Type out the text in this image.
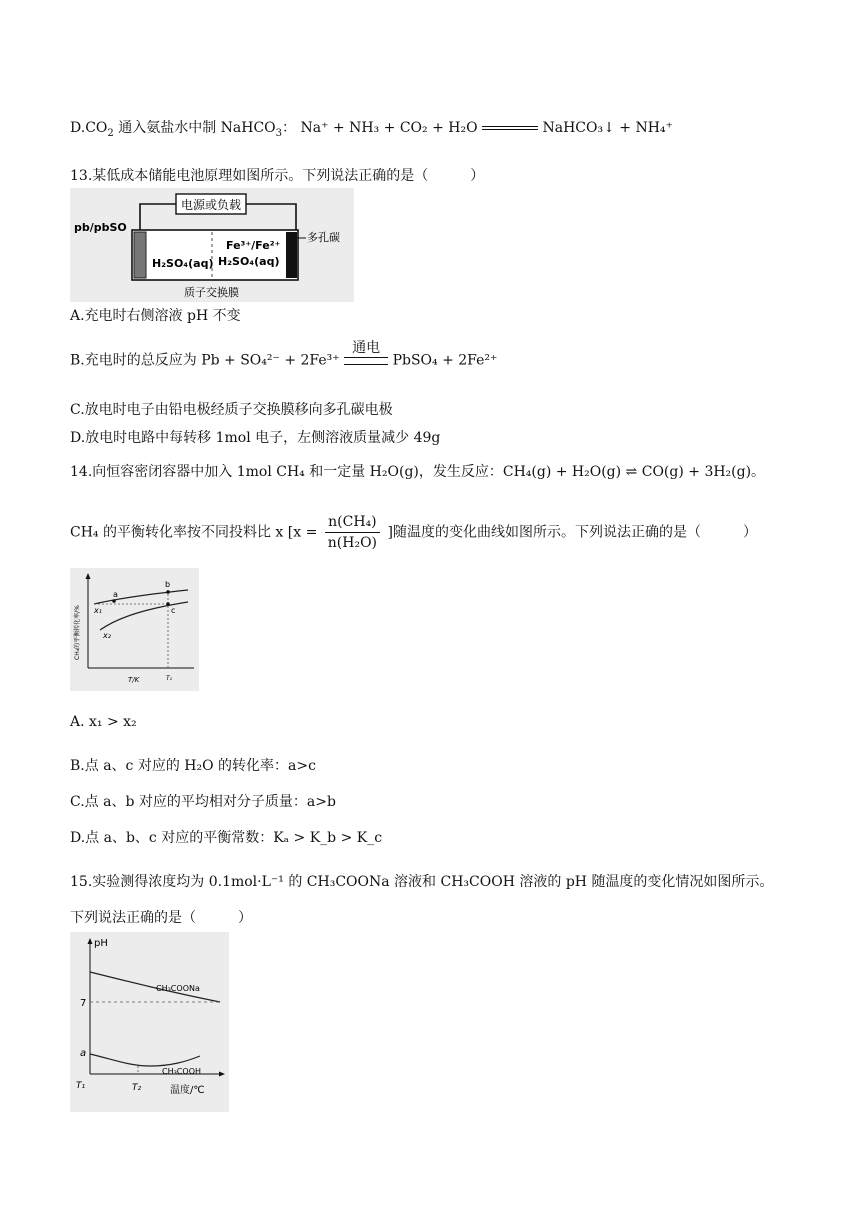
$D.CO_2$ 通入氨盐水中制 NaHCO$_3$： Na⁺ + NH₃ + CO₂ + H₂O	NaHCO₃↓ + NH₄⁺
13.某低成本储能电池原理如图所示。下列说法正确的是（　　　）
电源或负载
pb/pbSO
H₂SO₄(aq)
Fe³⁺/Fe²⁺
H₂SO₄(aq)
多孔碳
质子交换膜
A.充电时右侧溶液 pH 不变
B.充电时的总反应为 Pb + SO₄²⁻ + 2Fe³⁺
通电
PbSO₄ + 2Fe²⁺
C.放电时电子由铅电极经质子交换膜移向多孔碳电极
D.放电时电路中每转移 1mol 电子，左侧溶液质量减少 49g
14.向恒容密闭容器中加入 1mol CH₄ 和一定量 H₂O(g)，发生反应：CH₄(g) + H₂O(g) ⇌ CO(g) + 3H₂(g)。
CH₄ 的平衡转化率按不同投料比 x [$x = \frac{\text{n(CH₄)}}{\text{n(H₂O)}}$ ]随温度的变化曲线如图所示。下列说法正确的是（　　　）
CH₄的平衡转化率/%
a
b
c
x₁
x₂
T/K	T₁
A. x₁ > x₂
B.点 a、c 对应的 H₂O 的转化率：a>c
C.点 a、b 对应的平均相对分子质量：a>b
D.点 a、b、c 对应的平衡常数：Kₐ > K_b > K_c
15.实验测得浓度均为 0.1mol·L⁻¹ 的 CH₃COONa 溶液和 CH₃COOH 溶液的 pH 随温度的变化情况如图所示。
下列说法正确的是（　　　）
pH
7
CH₃COONa
a
CH₃COOH
T₁	T₂	温度/℃
